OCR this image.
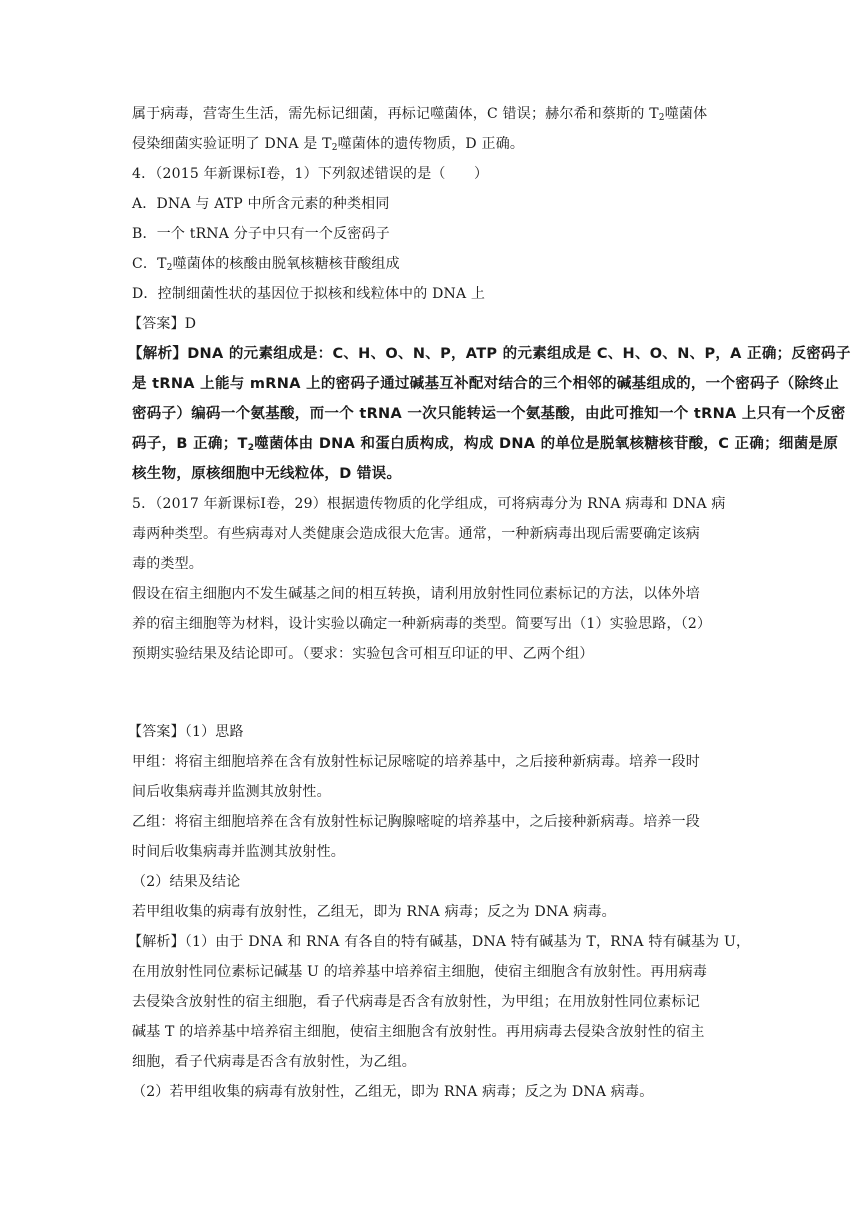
属于病毒，营寄生生活，需先标记细菌，再标记噬菌体，C 错误；赫尔希和蔡斯的 $T_2$噬菌体
侵染细菌实验证明了 DNA 是 $T_2$噬菌体的遗传物质，D 正确。
4．（2015 年新课标Ⅰ卷，1）下列叙述错误的是（　　）
A．DNA 与 ATP 中所含元素的种类相同
B．一个 tRNA 分子中只有一个反密码子
C．$T_2$噬菌体的核酸由脱氧核糖核苷酸组成
D．控制细菌性状的基因位于拟核和线粒体中的 DNA 上
【答案】D
【解析】DNA 的元素组成是：C、H、O、N、P，ATP 的元素组成是 C、H、O、N、P，A 正确；反密码子
是 tRNA 上能与 mRNA 上的密码子通过碱基互补配对结合的三个相邻的碱基组成的，一个密码子（除终止
密码子）编码一个氨基酸，而一个 tRNA 一次只能转运一个氨基酸，由此可推知一个 tRNA 上只有一个反密
码子，B 正确；$T_2$噬菌体由 DNA 和蛋白质构成，构成 DNA 的单位是脱氧核糖核苷酸，C 正确；细菌是原
核生物，原核细胞中无线粒体，D 错误。
5．（2017 年新课标Ⅰ卷，29）根据遗传物质的化学组成，可将病毒分为 RNA 病毒和 DNA 病
毒两种类型。有些病毒对人类健康会造成很大危害。通常，一种新病毒出现后需要确定该病
毒的类型。
假设在宿主细胞内不发生碱基之间的相互转换，请利用放射性同位素标记的方法，以体外培
养的宿主细胞等为材料，设计实验以确定一种新病毒的类型。简要写出（1）实验思路，（2）
预期实验结果及结论即可。（要求：实验包含可相互印证的甲、乙两个组）
【答案】（1）思路
甲组：将宿主细胞培养在含有放射性标记尿嘧啶的培养基中，之后接种新病毒。培养一段时
间后收集病毒并监测其放射性。
乙组：将宿主细胞培养在含有放射性标记胸腺嘧啶的培养基中，之后接种新病毒。培养一段
时间后收集病毒并监测其放射性。
（2）结果及结论
若甲组收集的病毒有放射性，乙组无，即为 RNA 病毒；反之为 DNA 病毒。
【解析】（1）由于 DNA 和 RNA 有各自的特有碱基，DNA 特有碱基为 T，RNA 特有碱基为 U，
在用放射性同位素标记碱基 U 的培养基中培养宿主细胞，使宿主细胞含有放射性。再用病毒
去侵染含放射性的宿主细胞，看子代病毒是否含有放射性，为甲组；在用放射性同位素标记
碱基 T 的培养基中培养宿主细胞，使宿主细胞含有放射性。再用病毒去侵染含放射性的宿主
细胞，看子代病毒是否含有放射性，为乙组。
（2）若甲组收集的病毒有放射性，乙组无，即为 RNA 病毒；反之为 DNA 病毒。
